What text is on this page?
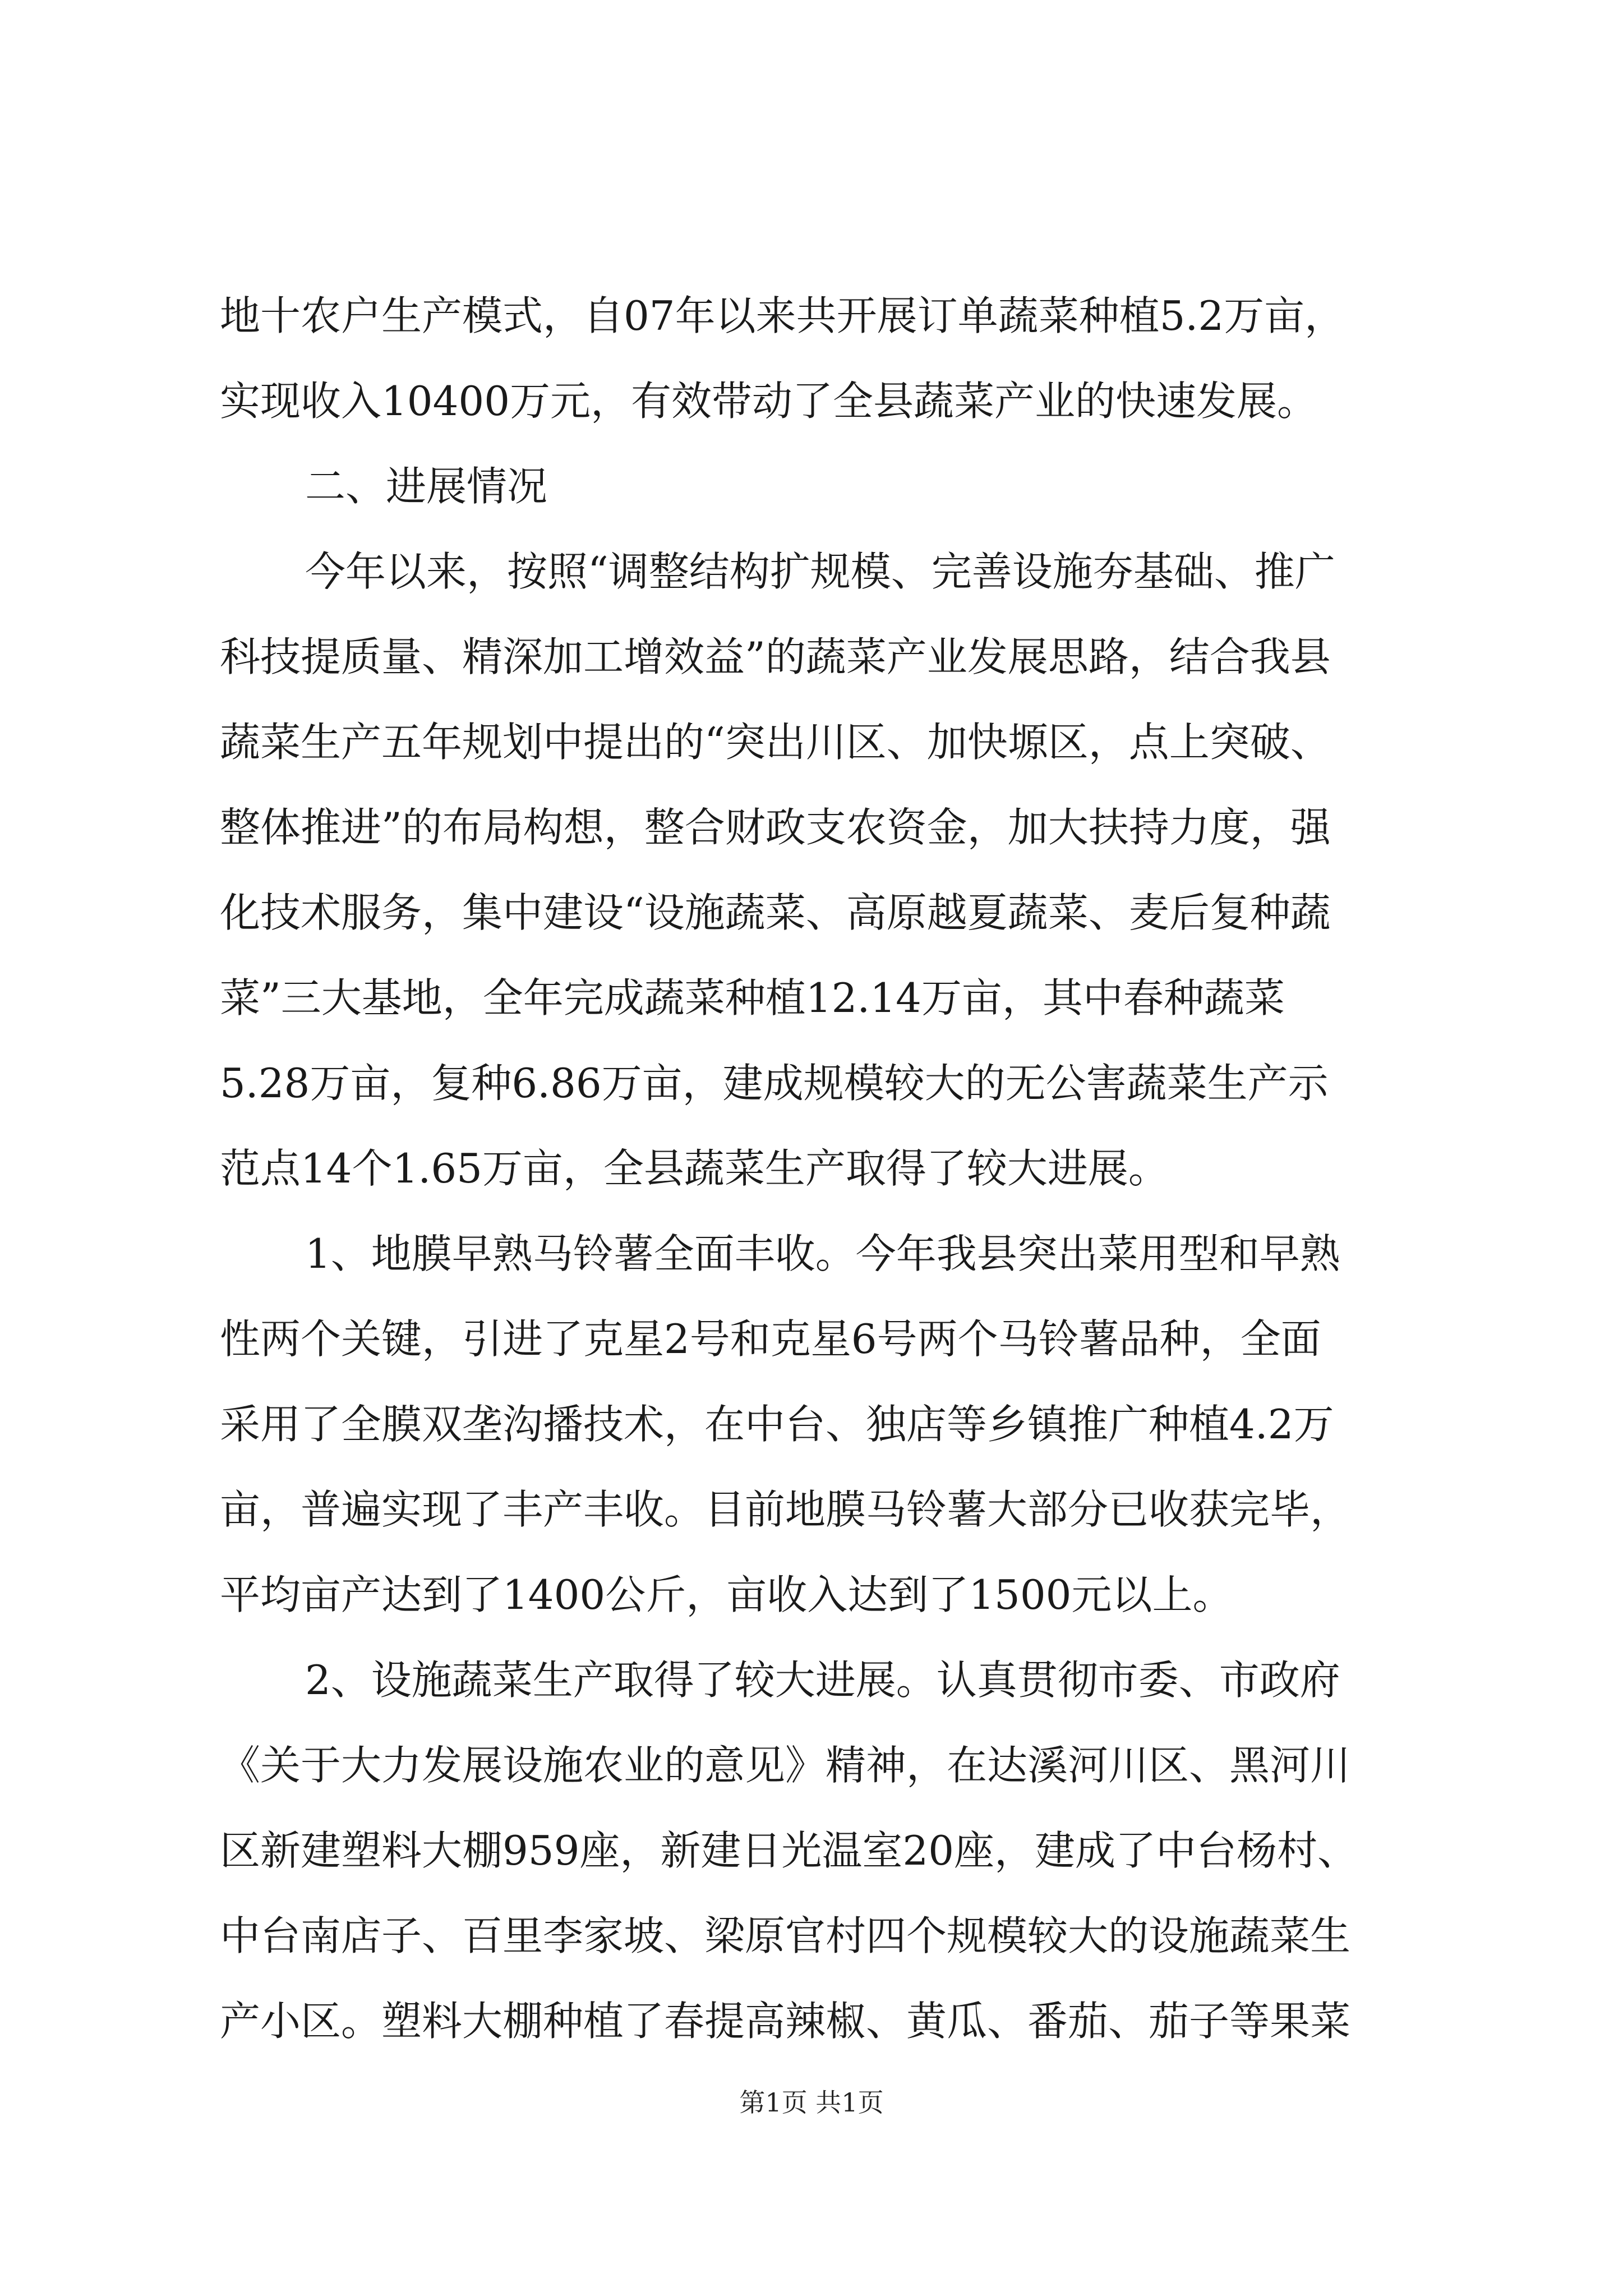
地十农户生产模式，自07年以来共开展订单蔬菜种植5.2万亩，
实现收入10400万元，有效带动了全县蔬菜产业的快速发展。
二、进展情况
今年以来，按照“调整结构扩规模、完善设施夯基础、推广
科技提质量、精深加工增效益”的蔬菜产业发展思路，结合我县
蔬菜生产五年规划中提出的“突出川区、加快塬区，点上突破、
整体推进”的布局构想，整合财政支农资金，加大扶持力度，强
化技术服务，集中建设“设施蔬菜、高原越夏蔬菜、麦后复种蔬
菜”三大基地，全年完成蔬菜种植12.14万亩，其中春种蔬菜
5.28万亩，复种6.86万亩，建成规模较大的无公害蔬菜生产示
范点14个1.65万亩，全县蔬菜生产取得了较大进展。
1、地膜早熟马铃薯全面丰收。今年我县突出菜用型和早熟
性两个关键，引进了克星2号和克星6号两个马铃薯品种，全面
采用了全膜双垄沟播技术，在中台、独店等乡镇推广种植4.2万
亩，普遍实现了丰产丰收。目前地膜马铃薯大部分已收获完毕，
平均亩产达到了1400公斤，亩收入达到了1500元以上。
2、设施蔬菜生产取得了较大进展。认真贯彻市委、市政府
《关于大力发展设施农业的意见》精神，在达溪河川区、黑河川
区新建塑料大棚959座，新建日光温室20座，建成了中台杨村、
中台南店子、百里李家坡、梁原官村四个规模较大的设施蔬菜生
产小区。塑料大棚种植了春提高辣椒、黄瓜、番茄、茄子等果菜
第1页 共1页
